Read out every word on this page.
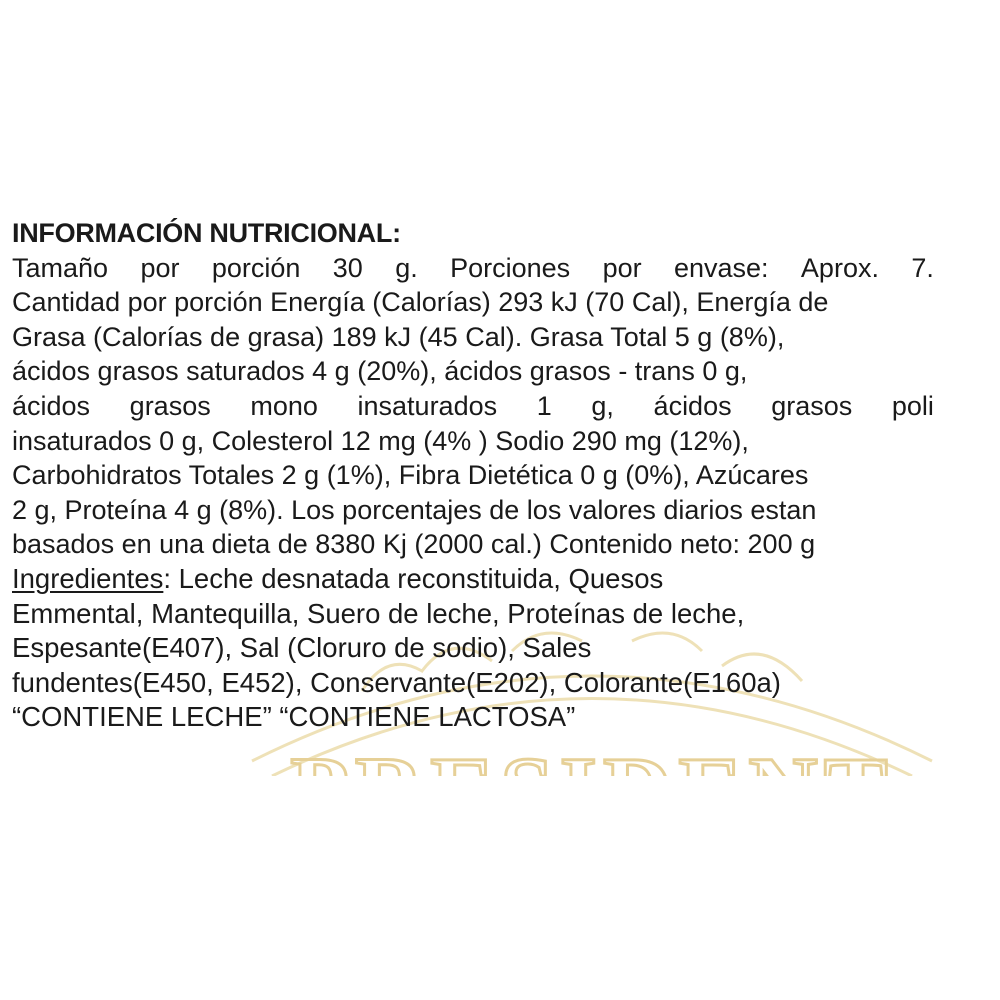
PRESIDENT
INFORMACIÓN NUTRICIONAL:
Tamaño por porción 30 g. Porciones por envase: Aprox. 7.
Cantidad por porción Energía (Calorías) 293 kJ (70 Cal), Energía de
Grasa (Calorías de grasa) 189 kJ (45 Cal). Grasa Total 5 g (8%),
ácidos grasos saturados 4 g (20%), ácidos grasos - trans 0 g,
ácidos grasos mono insaturados 1 g, ácidos grasos poli
insaturados 0 g, Colesterol 12 mg (4% ) Sodio 290 mg (12%),
Carbohidratos Totales 2 g (1%), Fibra Dietética 0 g (0%), Azúcares
2 g, Proteína 4 g (8%). Los porcentajes de los valores diarios estan
basados en una dieta de 8380 Kj (2000 cal.) Contenido neto: 200 g
Ingredientes: Leche desnatada reconstituida, Quesos
Emmental, Mantequilla, Suero de leche, Proteínas de leche,
Espesante(E407), Sal (Cloruro de sodio), Sales
fundentes(E450, E452), Conservante(E202), Colorante(E160a)
“CONTIENE LECHE” “CONTIENE LACTOSA”
